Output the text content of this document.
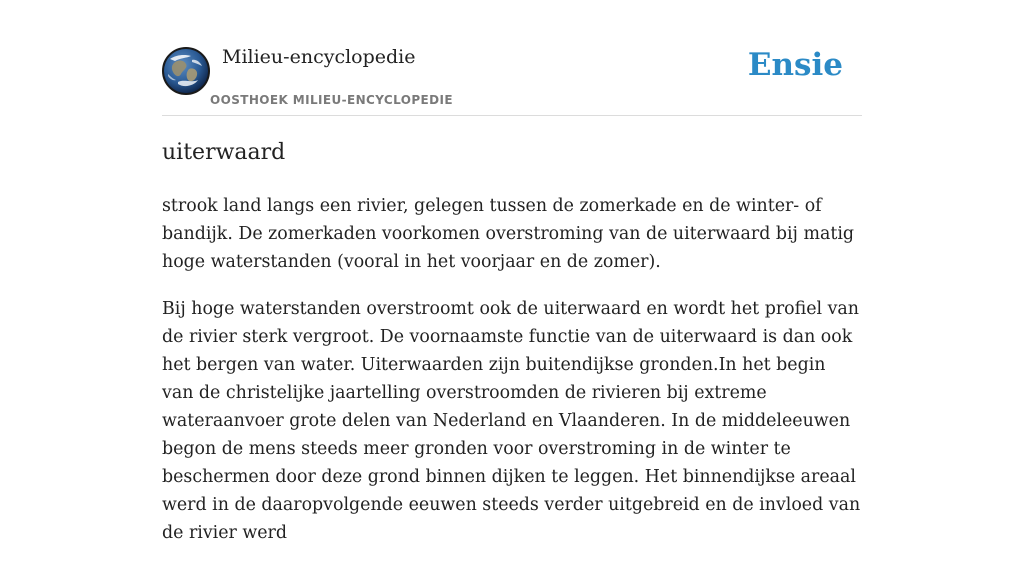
Milieu-encyclopedie
OOSTHOEK MILIEU-ENCYCLOPEDIE
Ensie
uiterwaard

strook land langs een rivier, gelegen tussen de zomerkade en de winter- of bandijk. De zomerkaden voorkomen overstroming van de uiterwaard bij matig hoge waterstanden (vooral in het voorjaar en de zomer).

Bij hoge waterstanden overstroomt ook de uiterwaard en wordt het profiel van de rivier sterk vergroot. De voornaamste functie van de uiterwaard is dan ook het bergen van water. Uiterwaarden zijn buitendijkse gronden.In het begin van de christelijke jaartelling overstroomden de rivieren bij extreme wateraanvoer grote delen van Nederland en Vlaanderen. In de middeleeuwen begon de mens steeds meer gronden voor overstroming in de winter te beschermen door deze grond binnen dijken te leggen. Het binnendijkse areaal werd in de daaropvolgende eeuwen steeds verder uitgebreid en de invloed van de rivier werd
